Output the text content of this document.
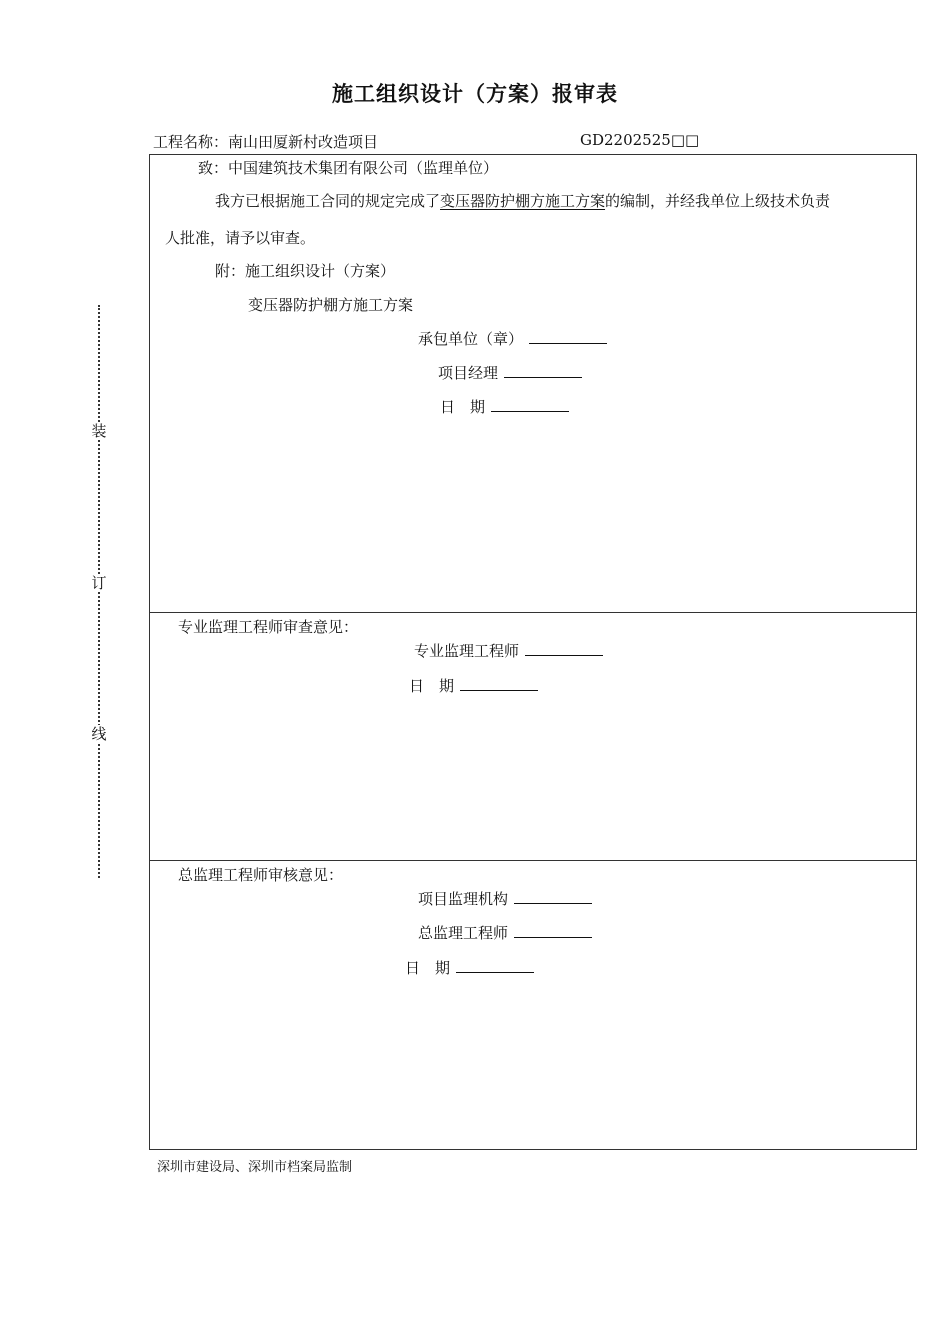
施工组织设计（方案）报审表
工程名称：南山田厦新村改造项目	GD2202525□□
装
订
线
致：中国建筑技术集团有限公司（监理单位）
我方已根据施工合同的规定完成了变压器防护棚方施工方案的编制，并经我单位上级技术负责
人批准，请予以审查。
附：施工组织设计（方案）
变压器防护棚方施工方案
承包单位（章）
项目经理
日　期
专业监理工程师审查意见：
专业监理工程师
日　期
总监理工程师审核意见：
项目监理机构
总监理工程师
日　期
深圳市建设局、深圳市档案局监制
